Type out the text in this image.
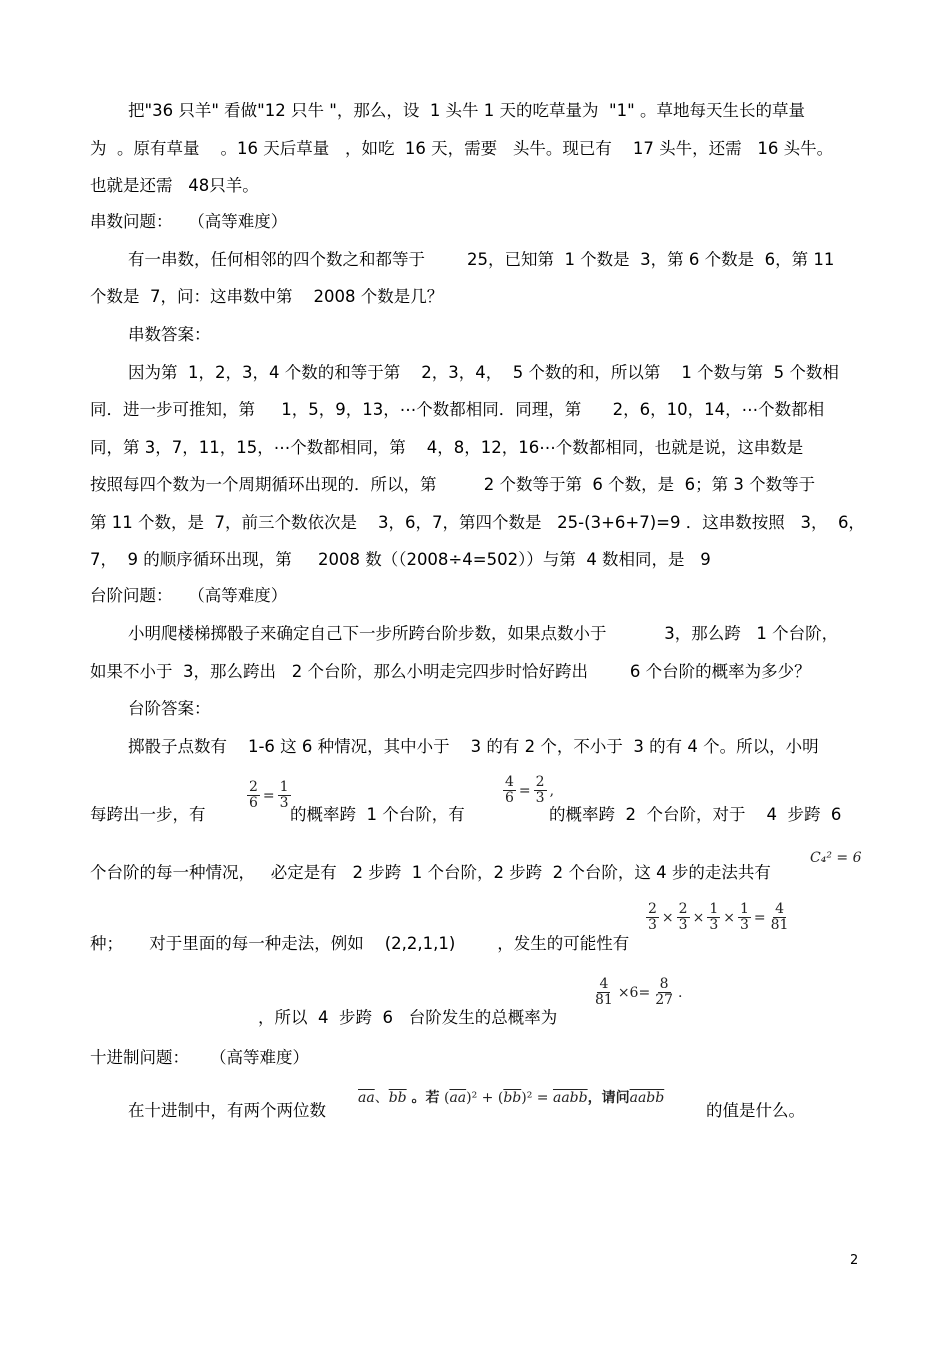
把"36 只羊" 看做"12 只牛 "，那么，设  1 头牛 1 天的吃草量为  "1" 。草地每天生长的草量
为  。原有草量    。16 天后草量   ，如吃  16 天，需要   头牛。现已有    17 头牛，还需   16 头牛。
也就是还需   48只羊。
串数问题：   （高等难度）
有一串数，任何相邻的四个数之和都等于        25，已知第  1 个数是  3，第 6 个数是  6，第 11
个数是  7，问：这串数中第    2008 个数是几？
串数答案：
因为第  1，2，3，4 个数的和等于第    2，3，4，  5 个数的和，所以第    1 个数与第  5 个数相
同．进一步可推知，第     1，5，9，13，⋯个数都相同．同理，第      2，6，10，14，⋯个数都相
同，第 3，7，11，15，⋯个数都相同，第    4，8，12，16⋯个数都相同，也就是说，这串数是
按照每四个数为一个周期循环出现的．所以，第         2 个数等于第  6 个数，是  6；第 3 个数等于
第 11 个数，是  7，前三个数依次是    3，6，7，第四个数是   25-(3+6+7)=9 ．这串数按照   3，  6，
7，  9 的顺序循环出现，第     2008 数（（2008÷4=502））与第  4 数相同，是   9
台阶问题：   （高等难度）
小明爬楼梯掷骰子来确定自己下一步所跨台阶步数，如果点数小于           3，那么跨   1 个台阶，
如果不小于  3，那么跨出   2 个台阶，那么小明走完四步时恰好跨出        6 个台阶的概率为多少？
台阶答案：
掷骰子点数有    1-6 这 6 种情况，其中小于    3 的有 2 个，不小于  3 的有 4 个。所以，小明
每跨出一步，有
$\frac{2}{6} = \frac{1}{3}$
的概率跨  1 个台阶，有
$\frac{4}{6} = \frac{2}{3}$ ,
的概率跨  2  个台阶，对于    4  步跨  6
个台阶的每一种情况，   必定是有   2 步跨  1 个台阶，2 步跨  2 个台阶，这 4 步的走法共有
C₄² = 6
种；     对于里面的每一种走法，例如    (2,2,1,1)        ，发生的可能性有
$\frac{2}{3} \times \frac{2}{3} \times \frac{1}{3} \times \frac{1}{3} = \frac{4}{81}$
$\frac{4}{81} \times 6= \frac{8}{27}$ .
，所以  4  步跨  6   台阶发生的总概率为
十进制问题：    （高等难度）
在十进制中，有两个两位数
$\overline{aa}$、$\overline{bb}$ 。若 $(\overline{aa})^2 + (\overline{bb})^2$ = aabb，请问aabb
的值是什么。
2
